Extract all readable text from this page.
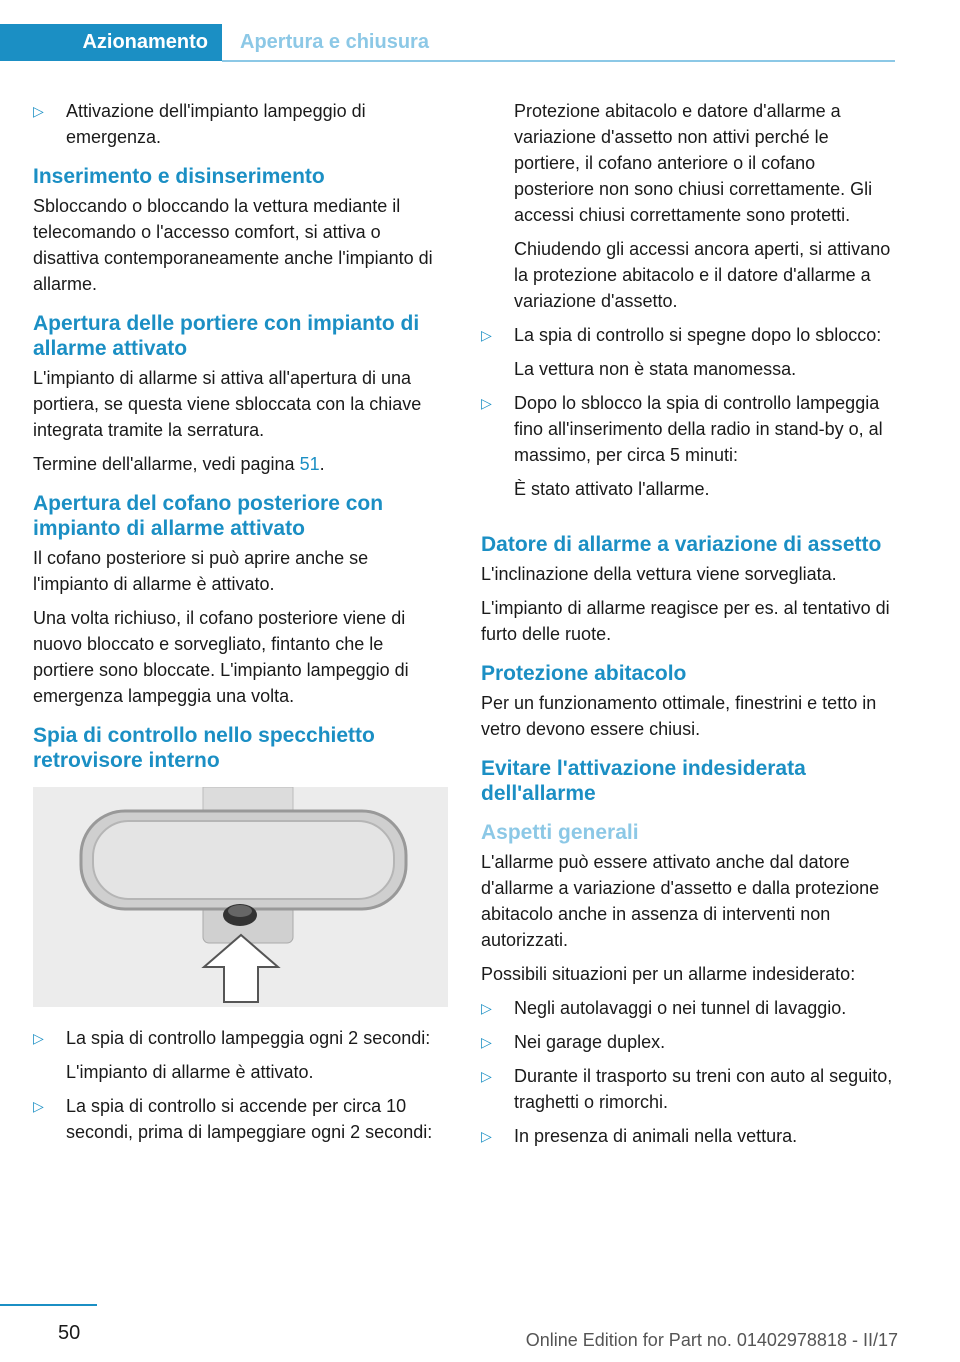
Azionamento	Apertura e chiusura
▷ Attivazione dell'impianto lampeggio di emergenza.
Inserimento e disinserimento

Sbloccando o bloccando la vettura mediante il telecomando o l'accesso comfort, si attiva o disattiva contemporaneamente anche l'impianto di allarme.

Apertura delle portiere con impianto di allarme attivato

L'impianto di allarme si attiva all'apertura di una portiera, se questa viene sbloccata con la chiave integrata tramite la serratura.

Termine dell'allarme, vedi pagina 51.

Apertura del cofano posteriore con impianto di allarme attivato

Il cofano posteriore si può aprire anche se l'impianto di allarme è attivato.

Una volta richiuso, il cofano posteriore viene di nuovo bloccato e sorvegliato, fintanto che le portiere sono bloccate. L'impianto lampeggio di emergenza lampeggia una volta.

Spia di controllo nello specchietto retrovisore interno
▷ La spia di controllo lampeggia ogni 2 secondi:

L'impianto di allarme è attivato.

▷ La spia di controllo si accende per circa 10 secondi, prima di lampeggiare ogni 2 secondi:

Protezione abitacolo e datore d'allarme a variazione d'assetto non attivi perché le portiere, il cofano anteriore o il cofano posteriore non sono chiusi correttamente. Gli accessi chiusi correttamente sono protetti.

Chiudendo gli accessi ancora aperti, si attivano la protezione abitacolo e il datore d'allarme a variazione d'assetto.

▷ La spia di controllo si spegne dopo lo sblocco:

La vettura non è stata manomessa.

▷ Dopo lo sblocco la spia di controllo lampeggia fino all'inserimento della radio in stand-by o, al massimo, per circa 5 minuti:

È stato attivato l'allarme.

Datore di allarme a variazione di assetto

L'inclinazione della vettura viene sorvegliata.

L'impianto di allarme reagisce per es. al tentativo di furto delle ruote.

Protezione abitacolo

Per un funzionamento ottimale, finestrini e tetto in vetro devono essere chiusi.

Evitare l'attivazione indesiderata dell'allarme
Aspetti generali

L'allarme può essere attivato anche dal datore d'allarme a variazione d'assetto e dalla protezione abitacolo anche in assenza di interventi non autorizzati.

Possibili situazioni per un allarme indesiderato:

▷ Negli autolavaggi o nei tunnel di lavaggio.
▷ Nei garage duplex.
▷ Durante il trasporto su treni con auto al seguito, traghetti o rimorchi.
▷ In presenza di animali nella vettura.
50	Online Edition for Part no. 01402978818 - II/17
